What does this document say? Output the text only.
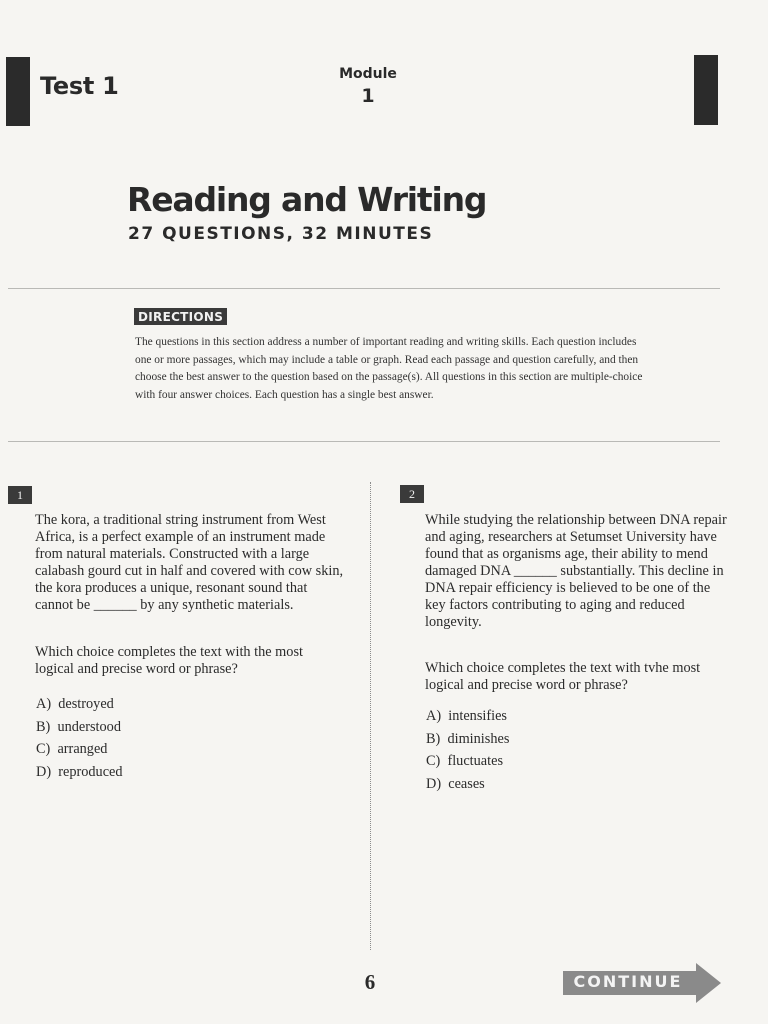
Test 1	Module
1
Reading and Writing
27 QUESTIONS, 32 MINUTES
DIRECTIONS
The questions in this section address a number of important reading and writing skills. Each question includes one or more passages, which may include a table or graph. Read each passage and question carefully, and then choose the best answer to the question based on the passage(s). All questions in this section are multiple-choice with four answer choices. Each question has a single best answer.
1
The kora, a traditional string instrument from West Africa, is a perfect example of an instrument made from natural materials. Constructed with a large calabash gourd cut in half and covered with cow skin, the kora produces a unique, resonant sound that cannot be ______ by any synthetic materials.
Which choice completes the text with the most logical and precise word or phrase?
A) destroyed
B) understood
C) arranged
D) reproduced
2
While studying the relationship between DNA repair and aging, researchers at Setumset University have found that as organisms age, their ability to mend damaged DNA ______ substantially. This decline in DNA repair efficiency is believed to be one of the key factors contributing to aging and reduced longevity.
Which choice completes the text with tvhe most logical and precise word or phrase?
A) intensifies
B) diminishes
C) fluctuates
D) ceases
6	CONTINUE
